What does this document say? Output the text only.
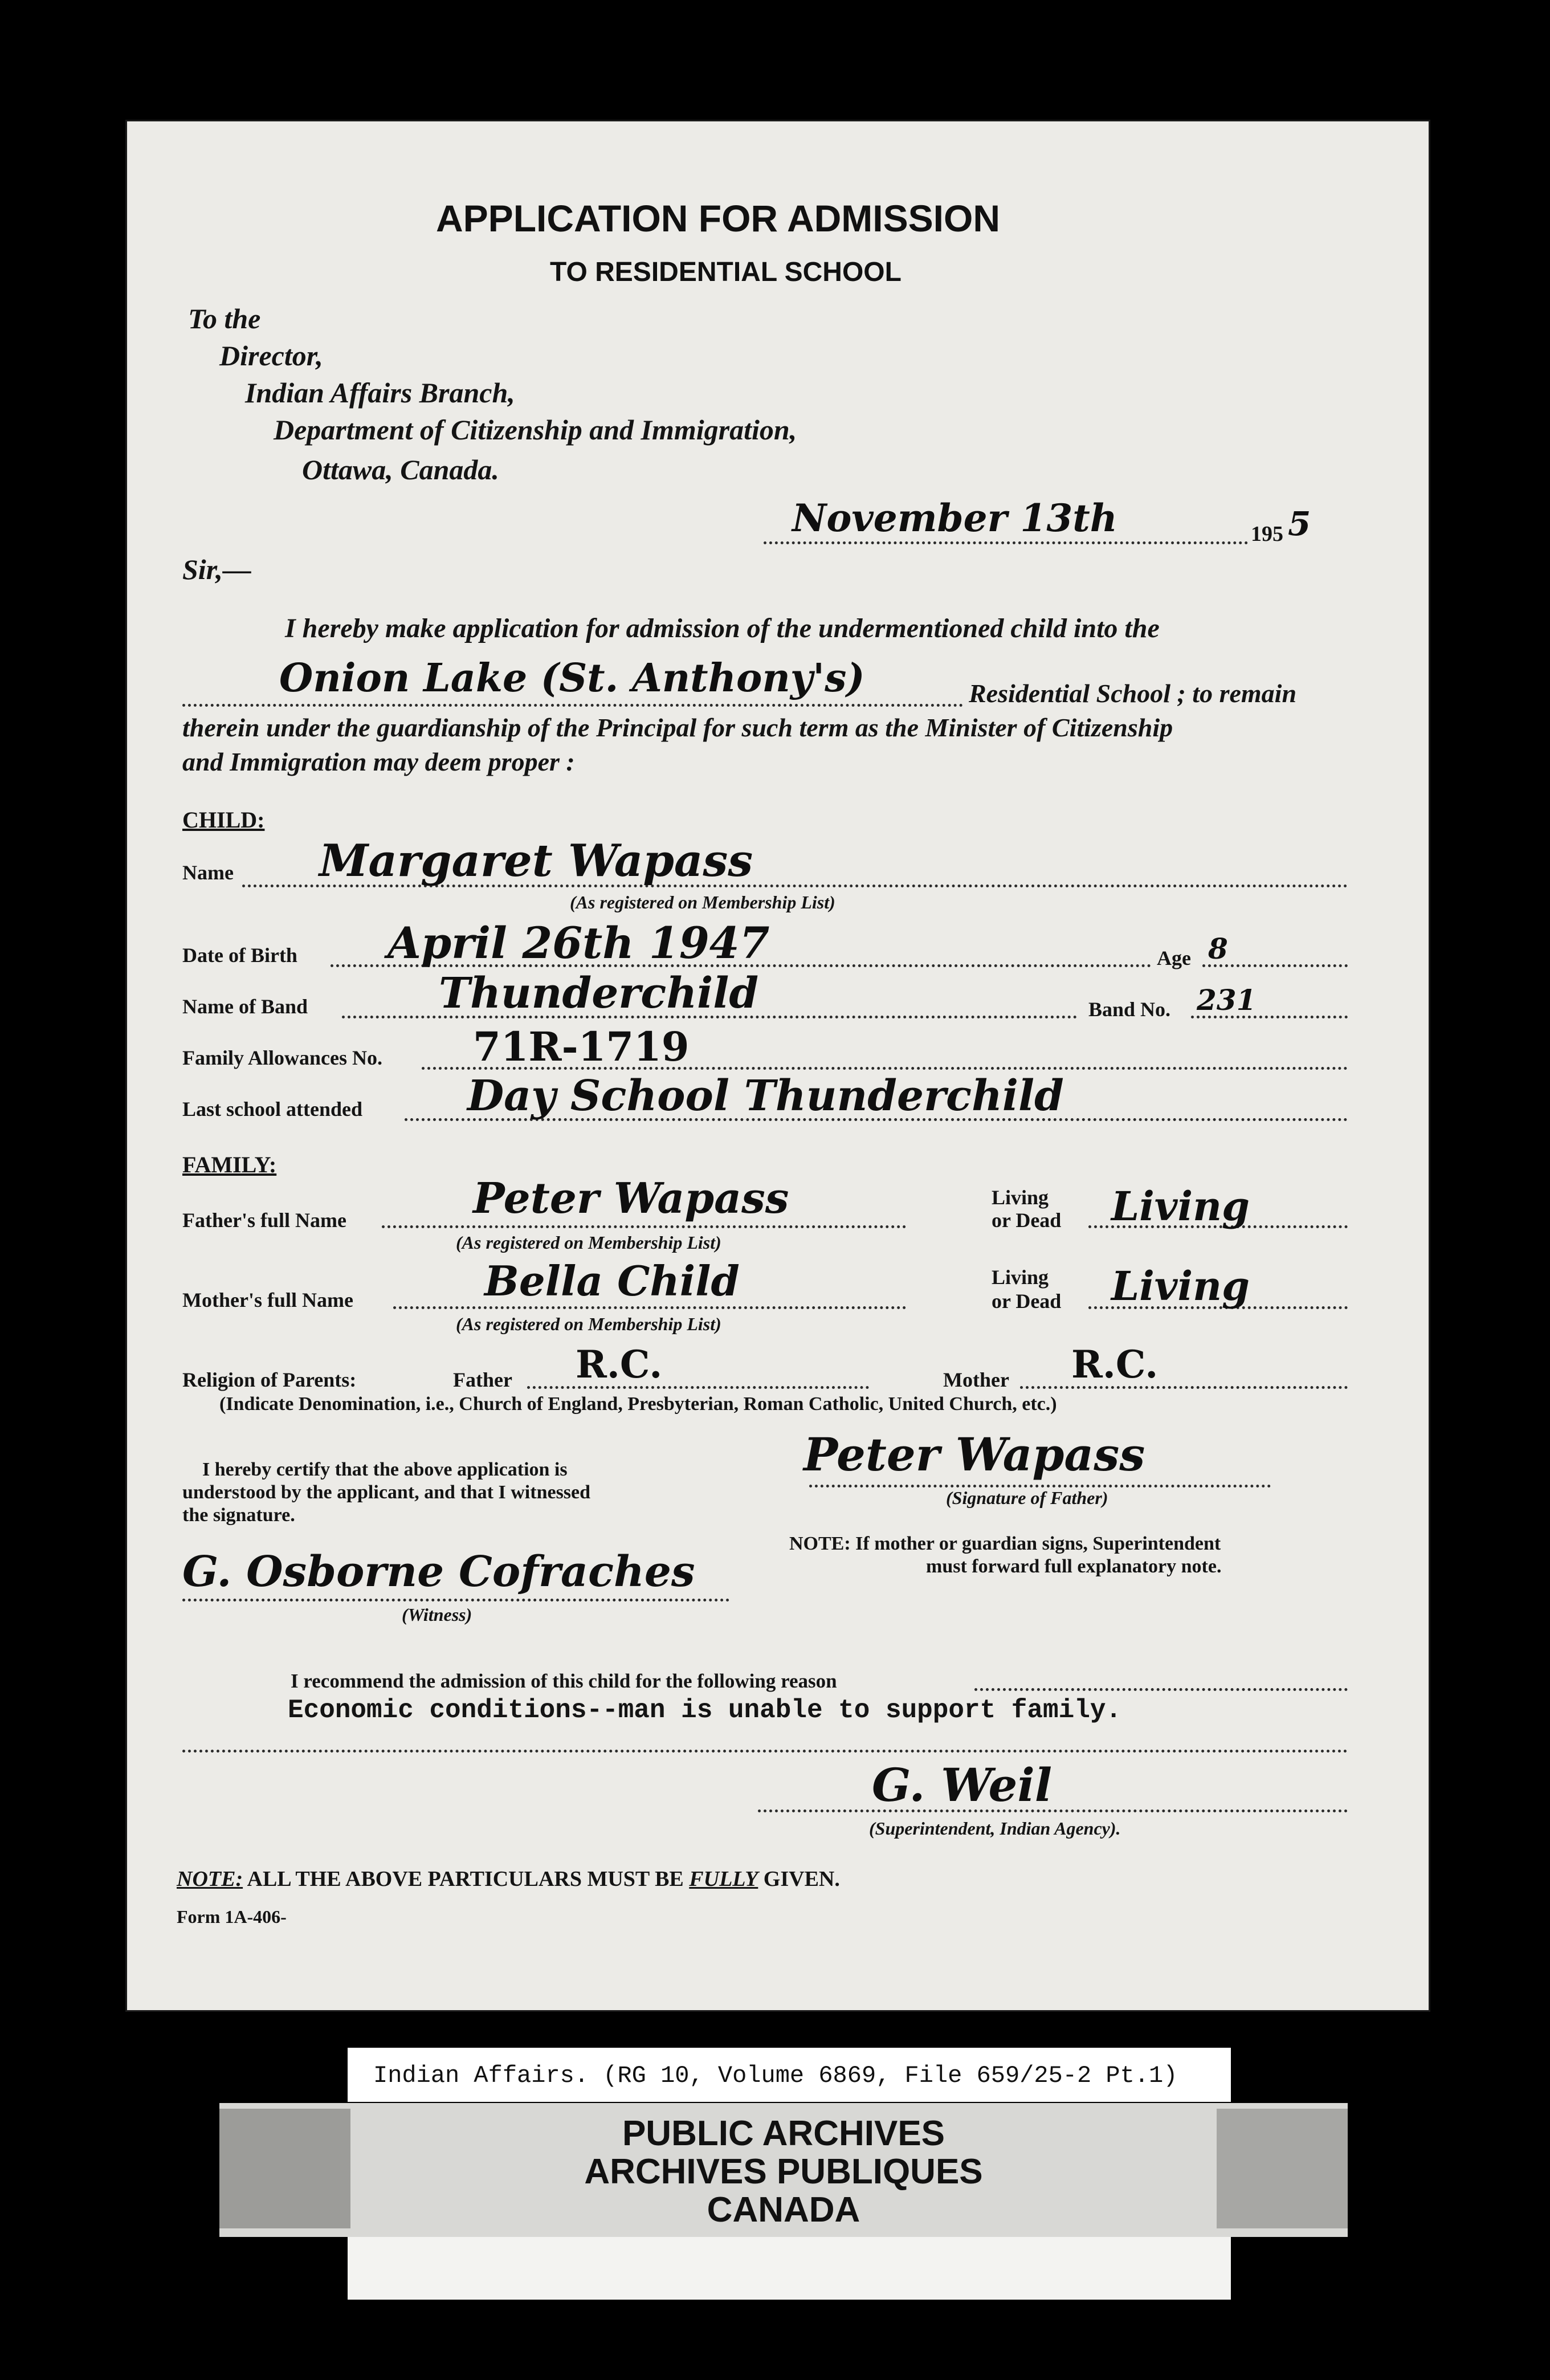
APPLICATION FOR ADMISSION
TO RESIDENTIAL SCHOOL
To the
Director,
Indian Affairs Branch,
Department of Citizenship and Immigration,
Ottawa, Canada.
November 13th	195 5
Sir,—
I hereby make application for admission of the undermentioned child into the
Onion Lake (St. Anthony's)	Residential School ; to remain
therein under the guardianship of the Principal for such term as the Minister of Citizenship
and Immigration may deem proper :
CHILD:
Name Margaret Wapass
(As registered on Membership List)
Date of Birth April 26th 1947	Age 8
Name of Band	Thunderchild	Band No. 231
Family Allowances No. 71R-1719
Last school attended Day School Thunderchild
FAMILY:
Father's full Name	Peter Wapass
(As registered on Membership List)
Living
or Dead Living
Mother's full Name	Bella Child
(As registered on Membership List)
Living
or Dead Living
Religion of Parents:	Father R.C.	Mother R.C.
(Indicate Denomination, i.e., Church of England, Presbyterian, Roman Catholic, United Church, etc.)
I hereby certify that the above application is
understood by the applicant, and that I witnessed
the signature.
Peter Wapass
(Signature of Father)
NOTE: If mother or guardian signs, Superintendent
must forward full explanatory note.
G. Osborne Cofraches
(Witness)
I recommend the admission of this child for the following reason
Economic conditions--man is unable to support family.
G. Weil
(Superintendent, Indian Agency).
NOTE: ALL THE ABOVE PARTICULARS MUST BE FULLY GIVEN.
Form 1A-406-
Indian Affairs. (RG 10, Volume 6869, File 659/25-2 Pt.1)
PUBLIC ARCHIVES
ARCHIVES PUBLIQUES
CANADA
